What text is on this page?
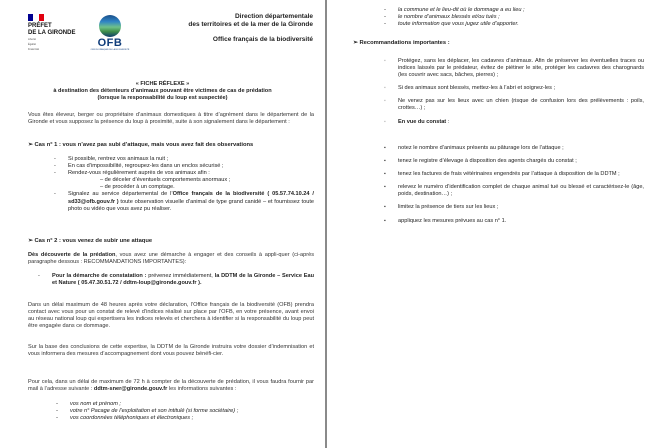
PRÉFET
DE LA GIRONDE
Liberté
Égalité
Fraternité
OFB
OFFICE FRANÇAIS DE LA BIODIVERSITÉ
Direction départementale
des territoires et de la mer de la Gironde
Office français de la biodiversité
« FICHE RÉFLEXE »
à destination des détenteurs d’animaux pouvant être victimes de cas de prédation
(lorsque la responsabilité du loup est suspectée)
Vous êtes éleveur, berger ou propriétaire d’animaux domestiques à titre d’agrément dans le département de la Gironde et vous supposez la présence du loup à proximité, suite à son signalement dans le département :
➢ Cas n° 1 : vous n’avez pas subi d’attaque, mais vous avez fait des observations
- Si possible, rentrez vos animaux la nuit ;
- En cas d’impossibilité, regroupez-les dans un enclos sécurisé ;
- Rendez-vous régulièrement auprès de vos animaux afin :
– de déceler d’éventuels comportements anormaux ;
– de procéder à un comptage.
- Signalez au service départemental de l’Office français de la biodiversité ( 05.57.74.10.24 / sd33@ofb.gouv.fr ) toute observation visuelle d’animal de type grand canidé – et fournissez toute photo ou vidéo que vous avez pu réaliser.
➢ Cas n° 2 : vous venez de subir une attaque
Dès découverte de la prédation, vous avez une démarche à engager et des conseils à appli-quer (ci-après paragraphe dessous : RECOMMANDATIONS IMPORTANTES):
- Pour la démarche de constatation : prévenez immédiatement, la DDTM de la Gironde – Service Eau et Nature ( 05.47.30.51.72 / ddtm-loup@gironde.gouv.fr ).
Dans un délai maximum de 48 heures après votre déclaration, l’Office français de la biodiversité (OFB) prendra contact avec vous pour un constat de relevé d’indices réalisé sur place par l’OFB, en votre présence, avant envoi au réseau national loup qui expertisera les indices relevés et cherchera à identifier si la responsabilité du loup peut être engagée dans ce dommage.
Sur la base des conclusions de cette expertise, la DDTM de la Gironde instruira votre dossier d’indemnisation et vous informera des mesures d’accompagnement dont vous pouvez bénéfi-cier.
Pour cela, dans un délai de maximum de 72 h à compter de la découverte de prédation, il vous faudra fournir par mail à l’adresse suivante : ddtm-sner@gironde.gouv.fr les informations suivantes :
- vos nom et prénom ;
- votre n° Pacage de l’exploitation et son intitulé (si forme sociétaire) ;
- vos coordonnées téléphoniques et électroniques ;
- la commune et le lieu-dit où le dommage a eu lieu ;
- le nombre d’animaux blessés et/ou tués ;
- toute information que vous jugez utile d’apporter.
➢ Recommandations importantes :
▪ Protégez, sans les déplacer, les cadavres d’animaux. Afin de préserver les éventuelles traces ou indices laissés par le prédateur, évitez de piétiner le site, protéger les cadavres des charognards (les couvrir avec sacs, bâches, pierres) ;
▪ Si des animaux sont blessés, mettez-les à l’abri et soignez-les ;
▪ Ne venez pas sur les lieux avec un chien (risque de confusion lors des prélèvements : poils, crottes…) ;
▪ En vue du constat :
▪ notez le nombre d’animaux présents au pâturage lors de l’attaque ;
▪ tenez le registre d’élevage à disposition des agents chargés du constat ;
▪ tenez les factures de frais vétérinaires engendrés par l’attaque à disposition de la DDTM ;
▪ relevez le numéro d’identification complet de chaque animal tué ou blessé et caractérisez-le (âge, poids, destination…) ;
▪ limitez la présence de tiers sur les lieux ;
▪ appliquez les mesures prévues au cas n° 1.
